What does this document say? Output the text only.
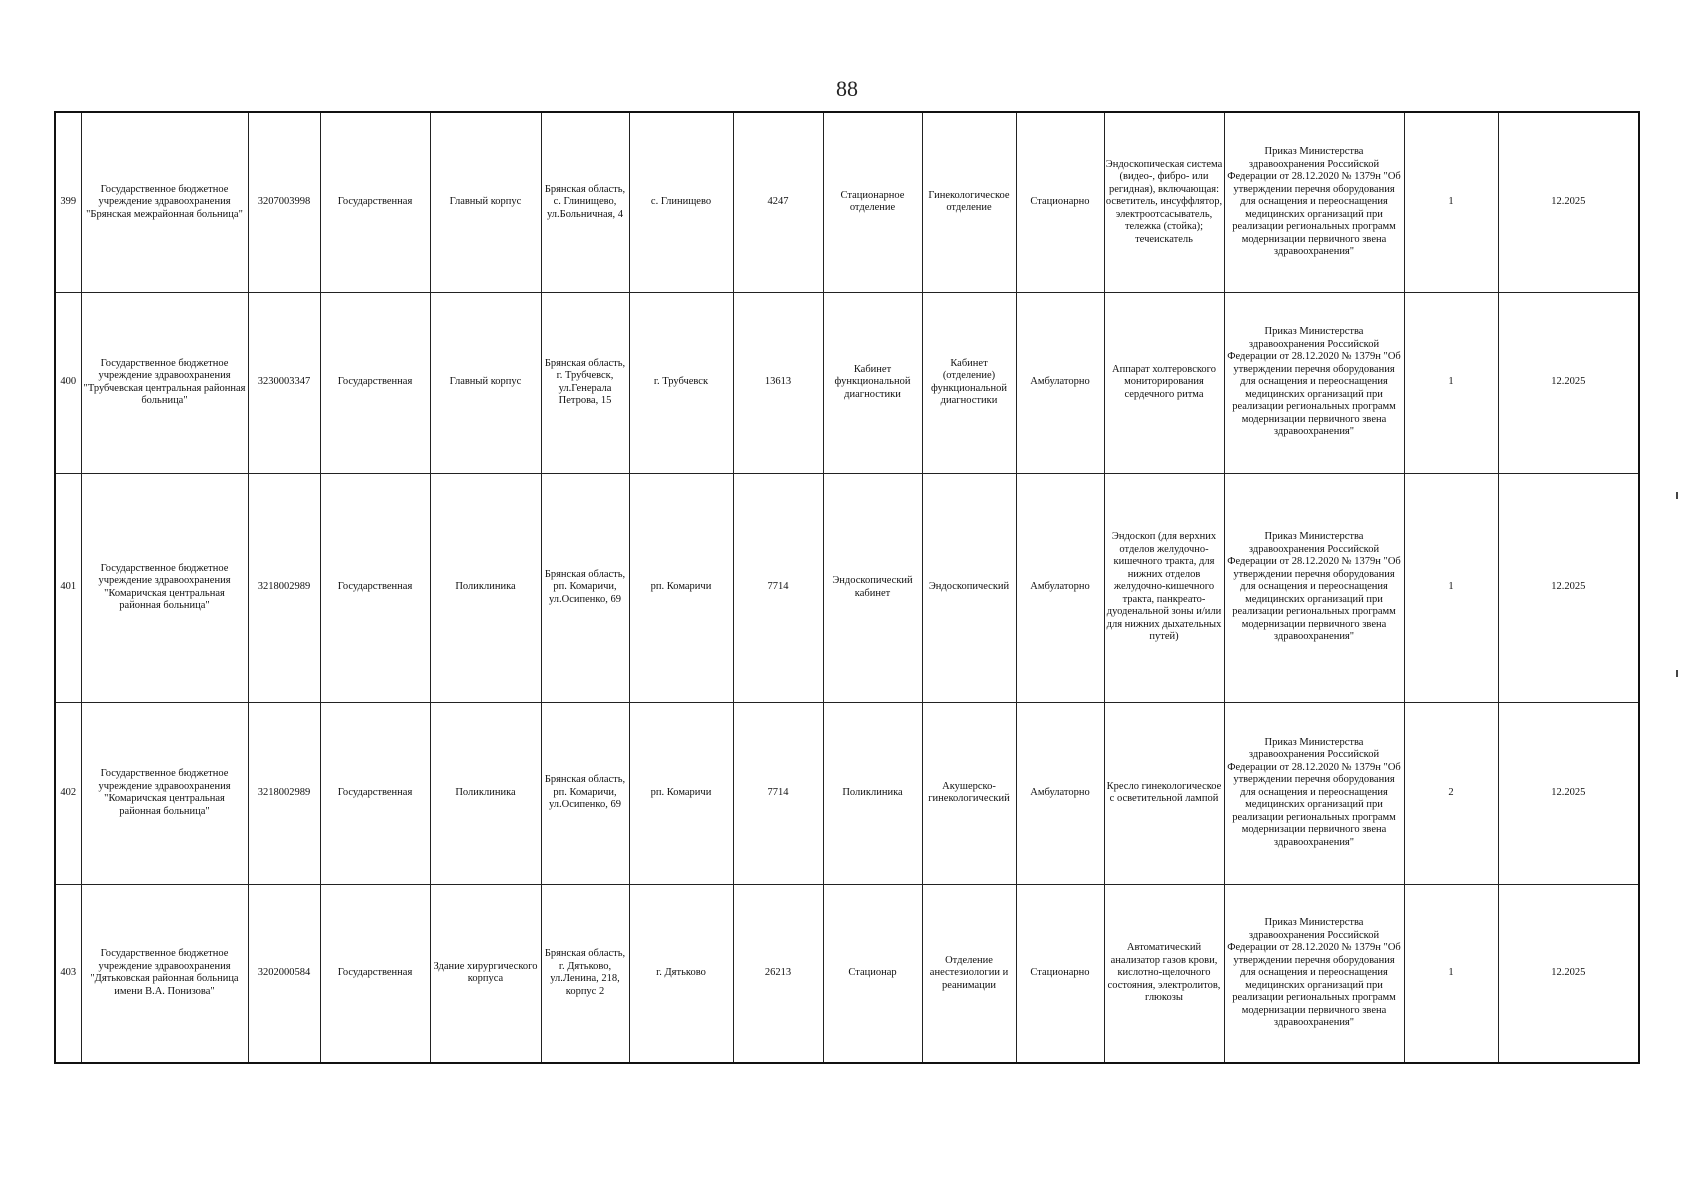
88
399	Государственное бюджетное учреждение здравоохранения "Брянская межрайонная больница"	3207003998	Государственная	Главный корпус	Брянская область, с. Глинищево, ул.Больничная, 4	с. Глинищево	4247	Стационарное отделение	Гинекологическое отделение	Стационарно	Эндоскопическая система (видео-, фибро- или регидная), включающая: осветитель, инсуффлятор, электроотсасыватель, тележка (стойка); течеискатель	Приказ Министерства здравоохранения Российской Федерации от 28.12.2020 № 1379н "Об утверждении перечня оборудования для оснащения и переоснащения медицинских организаций при реализации региональных программ модернизации первичного звена здравоохранения"	1	12.2025
400	Государственное бюджетное учреждение здравоохранения "Трубчевская центральная районная больница"	3230003347	Государственная	Главный корпус	Брянская область, г. Трубчевск, ул.Генерала Петрова, 15	г. Трубчевск	13613	Кабинет функциональной диагностики	Кабинет (отделение) функциональной диагностики	Амбулаторно	Аппарат холтеровского мониторирования сердечного ритма	Приказ Министерства здравоохранения Российской Федерации от 28.12.2020 № 1379н "Об утверждении перечня оборудования для оснащения и переоснащения медицинских организаций при реализации региональных программ модернизации первичного звена здравоохранения"	1	12.2025
401	Государственное бюджетное учреждение здравоохранения "Комаричская центральная районная больница"	3218002989	Государственная	Поликлиника	Брянская область, рп. Комаричи, ул.Осипенко, 69	рп. Комаричи	7714	Эндоскопический кабинет	Эндоскопический	Амбулаторно	Эндоскоп (для верхних отделов желудочно-кишечного тракта, для нижних отделов желудочно-кишечного тракта, панкреато-дуоденальной зоны и/или для нижних дыхательных путей)	Приказ Министерства здравоохранения Российской Федерации от 28.12.2020 № 1379н "Об утверждении перечня оборудования для оснащения и переоснащения медицинских организаций при реализации региональных программ модернизации первичного звена здравоохранения"	1	12.2025
402	Государственное бюджетное учреждение здравоохранения "Комаричская центральная районная больница"	3218002989	Государственная	Поликлиника	Брянская область, рп. Комаричи, ул.Осипенко, 69	рп. Комаричи	7714	Поликлиника	Акушерско-гинекологический	Амбулаторно	Кресло гинекологическое с осветительной лампой	Приказ Министерства здравоохранения Российской Федерации от 28.12.2020 № 1379н "Об утверждении перечня оборудования для оснащения и переоснащения медицинских организаций при реализации региональных программ модернизации первичного звена здравоохранения"	2	12.2025
403	Государственное бюджетное учреждение здравоохранения "Дятьковская районная больница имени В.А. Понизова"	3202000584	Государственная	Здание хирургического корпуса	Брянская область, г. Дятьково, ул.Ленина, 218, корпус 2	г. Дятьково	26213	Стационар	Отделение анестезиологии и реанимации	Стационарно	Автоматический анализатор газов крови, кислотно-щелочного состояния, электролитов, глюкозы	Приказ Министерства здравоохранения Российской Федерации от 28.12.2020 № 1379н "Об утверждении перечня оборудования для оснащения и переоснащения медицинских организаций при реализации региональных программ модернизации первичного звена здравоохранения"	1	12.2025
